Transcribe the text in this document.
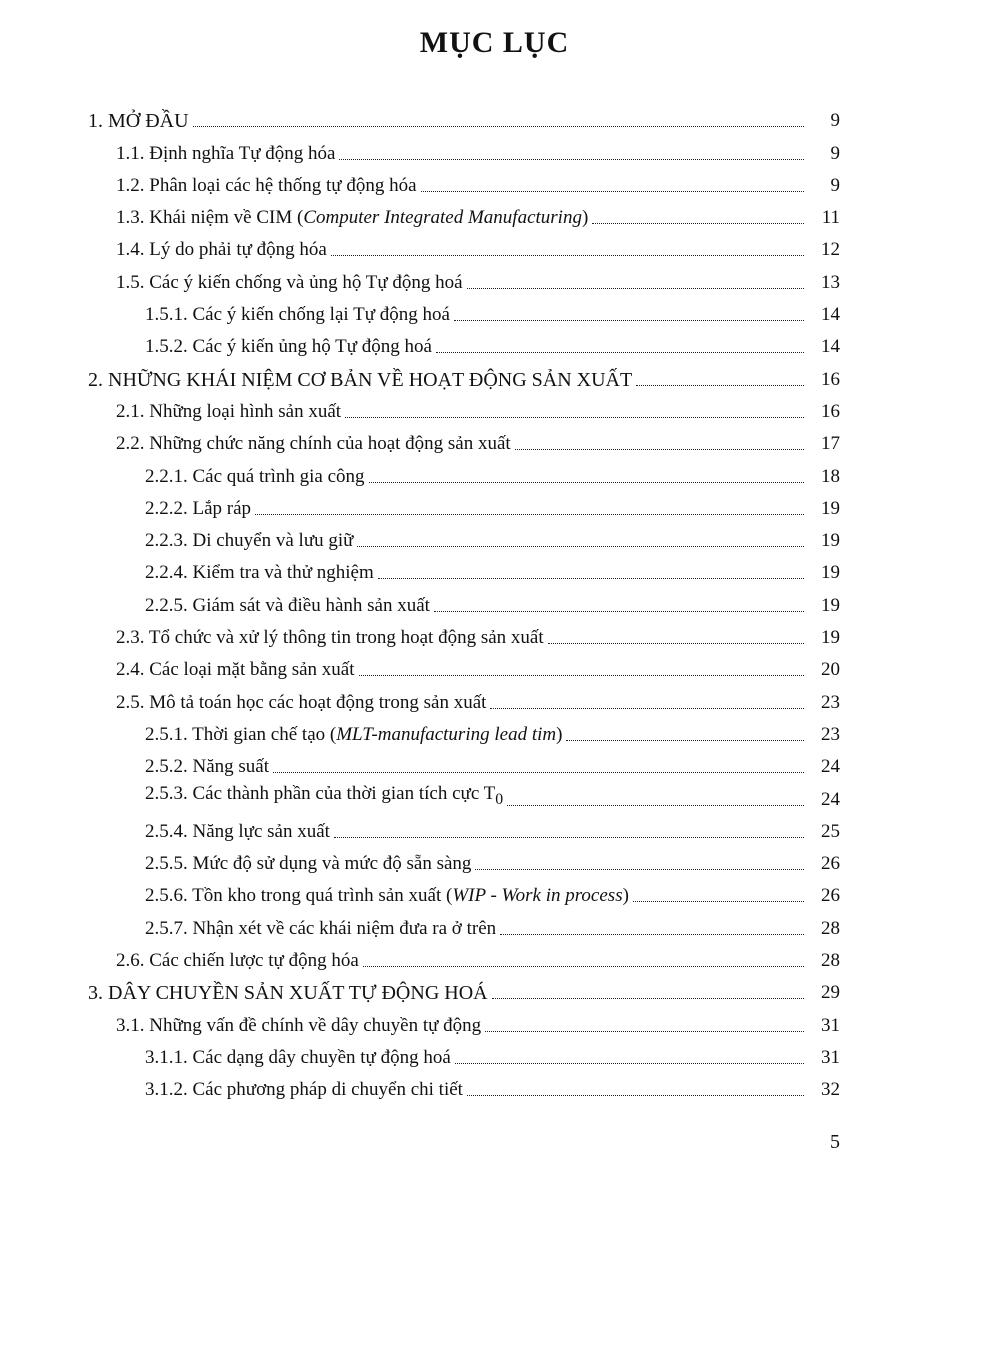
MỤC LỤC
1. MỞ ĐẦU	9
1.1. Định nghĩa Tự động hóa	9
1.2. Phân loại các hệ thống tự động hóa	9
1.3. Khái niệm về CIM (Computer Integrated Manufacturing)	11
1.4. Lý do phải tự động hóa	12
1.5. Các ý kiến chống và ủng hộ Tự động hoá	13
1.5.1. Các ý kiến chống lại Tự động hoá	14
1.5.2. Các ý kiến ủng hộ Tự động hoá	14
2. NHỮNG KHÁI NIỆM CƠ BẢN VỀ HOẠT ĐỘNG SẢN XUẤT	16
2.1. Những loại hình sản xuất	16
2.2. Những chức năng chính của hoạt động sản xuất	17
2.2.1. Các quá trình gia công	18
2.2.2. Lắp ráp	19
2.2.3. Di chuyển và lưu giữ	19
2.2.4. Kiểm tra và thử nghiệm	19
2.2.5. Giám sát và điều hành sản xuất	19
2.3. Tổ chức và xử lý thông tin trong hoạt động sản xuất	19
2.4. Các loại mặt bằng sản xuất	20
2.5. Mô tả toán học các hoạt động trong sản xuất	23
2.5.1. Thời gian chế tạo (MLT-manufacturing lead tim)	23
2.5.2. Năng suất	24
2.5.3. Các thành phần của thời gian tích cực $T_0$	24
2.5.4. Năng lực sản xuất	25
2.5.5. Mức độ sử dụng và mức độ sẵn sàng	26
2.5.6. Tồn kho trong quá trình sản xuất (WIP - Work in process)	26
2.5.7. Nhận xét về các khái niệm đưa ra ở trên	28
2.6. Các chiến lược tự động hóa	28
3. DÂY CHUYỀN SẢN XUẤT TỰ ĐỘNG HOÁ	29
3.1. Những vấn đề chính về dây chuyền tự động	31
3.1.1. Các dạng dây chuyền tự động hoá	31
3.1.2. Các phương pháp di chuyển chi tiết	32
5
